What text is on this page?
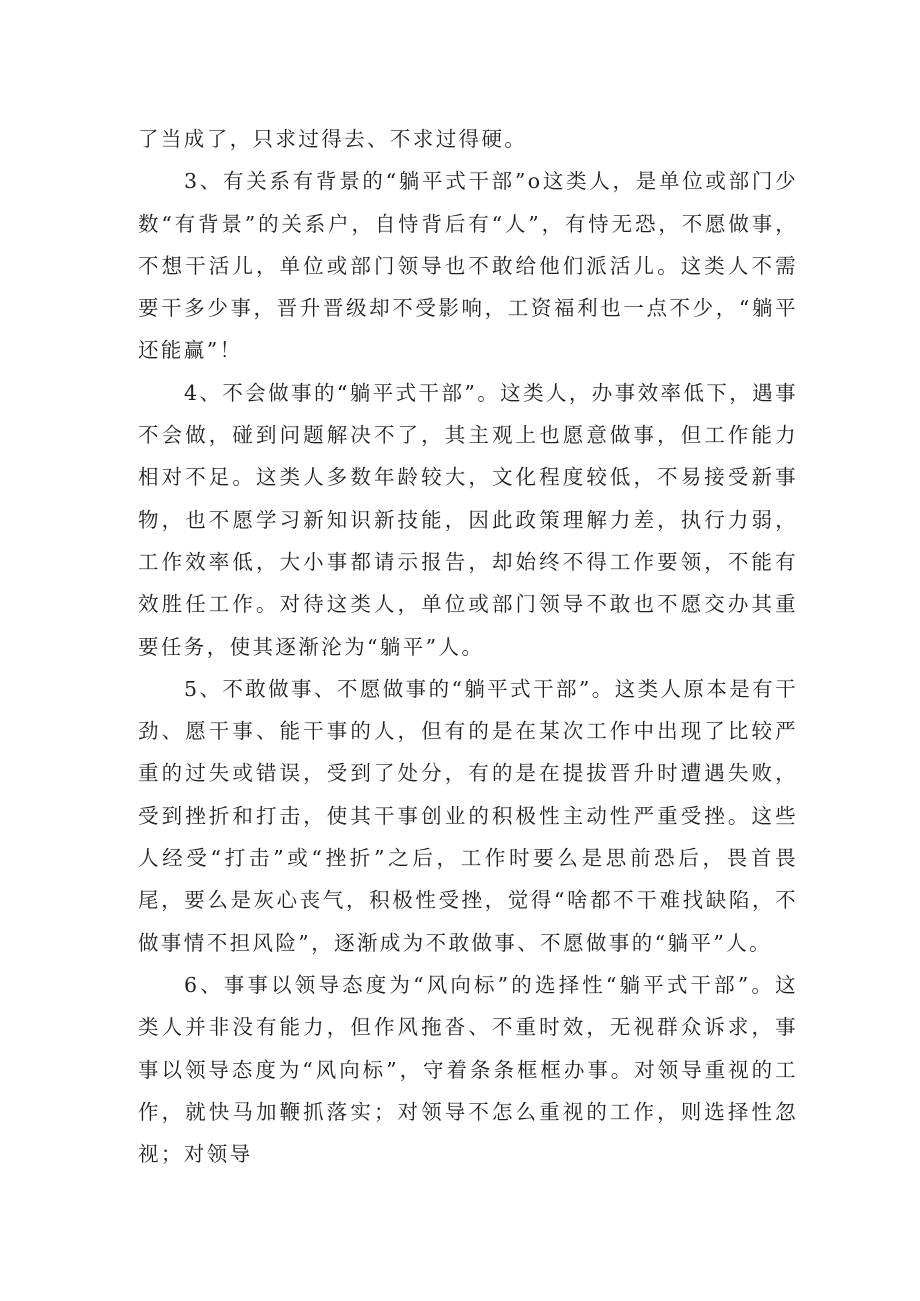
了当成了，只求过得去、不求过得硬。

3、有关系有背景的“躺平式干部”o这类人，是单位或部门少数“有背景”的关系户，自恃背后有“人”，有恃无恐，不愿做事，不想干活儿，单位或部门领导也不敢给他们派活儿。这类人不需要干多少事，晋升晋级却不受影响，工资福利也一点不少，“躺平还能赢”！

4、不会做事的“躺平式干部”。这类人，办事效率低下，遇事不会做，碰到问题解决不了，其主观上也愿意做事，但工作能力相对不足。这类人多数年龄较大，文化程度较低，不易接受新事物，也不愿学习新知识新技能，因此政策理解力差，执行力弱，工作效率低，大小事都请示报告，却始终不得工作要领，不能有效胜任工作。对待这类人，单位或部门领导不敢也不愿交办其重要任务，使其逐渐沦为“躺平”人。

5、不敢做事、不愿做事的“躺平式干部”。这类人原本是有干劲、愿干事、能干事的人，但有的是在某次工作中出现了比较严重的过失或错误，受到了处分，有的是在提拔晋升时遭遇失败，受到挫折和打击，使其干事创业的积极性主动性严重受挫。这些人经受“打击”或“挫折”之后，工作时要么是思前恐后，畏首畏尾，要么是灰心丧气，积极性受挫，觉得“啥都不干难找缺陷，不做事情不担风险”，逐渐成为不敢做事、不愿做事的“躺平”人。

6、事事以领导态度为“风向标”的选择性“躺平式干部”。这类人并非没有能力，但作风拖沓、不重时效，无视群众诉求，事事以领导态度为“风向标”，守着条条框框办事。对领导重视的工作，就快马加鞭抓落实；对领导不怎么重视的工作，则选择性忽视；对领导
